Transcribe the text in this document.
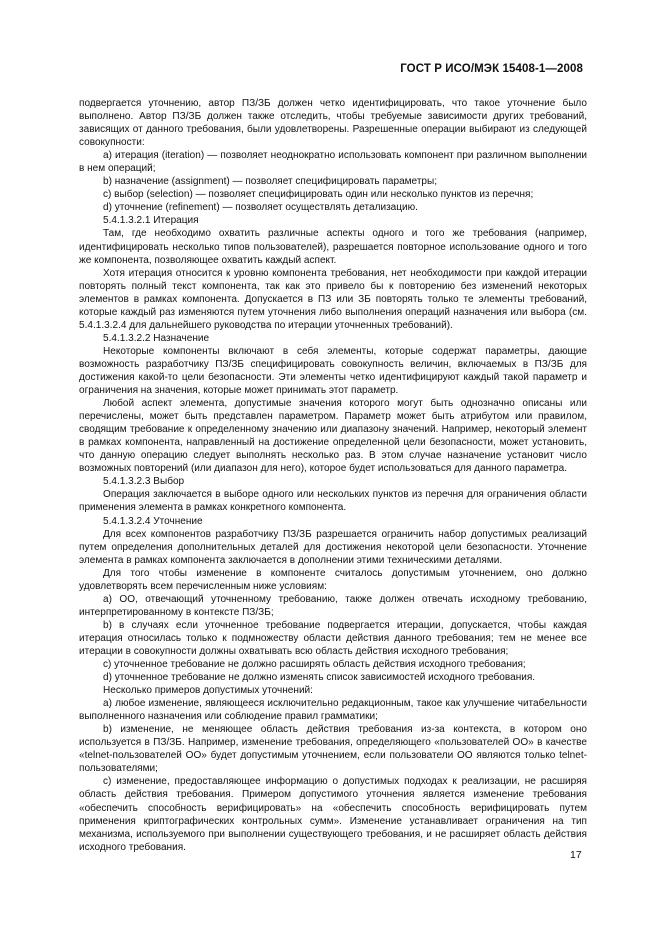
ГОСТ Р ИСО/МЭК 15408-1—2008

подвергается уточнению, автор ПЗ/ЗБ должен четко идентифицировать, что такое уточнение было выполнено. Автор ПЗ/ЗБ должен также отследить, чтобы требуемые зависимости других требований, зависящих от данного требования, были удовлетворены. Разрешенные операции выбирают из следующей совокупности:

а) итерация (iteration) — позволяет неоднократно использовать компонент при различном выполнении в нем операций;

b) назначение (assignment) — позволяет специфицировать параметры;

с) выбор (selection) — позволяет специфицировать один или несколько пунктов из перечня;

d) уточнение (refinement) — позволяет осуществлять детализацию.

5.4.1.3.2.1 Итерация

Там, где необходимо охватить различные аспекты одного и того же требования (например, идентифицировать несколько типов пользователей), разрешается повторное использование одного и того же компонента, позволяющее охватить каждый аспект.

Хотя итерация относится к уровню компонента требования, нет необходимости при каждой итерации повторять полный текст компонента, так как это привело бы к повторению без изменений некоторых элементов в рамках компонента. Допускается в ПЗ или ЗБ повторять только те элементы требований, которые каждый раз изменяются путем уточнения либо выполнения операций назначения или выбора (см. 5.4.1.3.2.4 для дальнейшего руководства по итерации уточненных требований).

5.4.1.3.2.2 Назначение

Некоторые компоненты включают в себя элементы, которые содержат параметры, дающие возможность разработчику ПЗ/ЗБ специфицировать совокупность величин, включаемых в ПЗ/ЗБ для достижения какой-то цели безопасности. Эти элементы четко идентифицируют каждый такой параметр и ограничения на значения, которые может принимать этот параметр.

Любой аспект элемента, допустимые значения которого могут быть однозначно описаны или перечислены, может быть представлен параметром. Параметр может быть атрибутом или правилом, сводящим требование к определенному значению или диапазону значений. Например, некоторый элемент в рамках компонента, направленный на достижение определенной цели безопасности, может установить, что данную операцию следует выполнять несколько раз. В этом случае назначение установит число возможных повторений (или диапазон для него), которое будет использоваться для данного параметра.

5.4.1.3.2.3 Выбор

Операция заключается в выборе одного или нескольких пунктов из перечня для ограничения области применения элемента в рамках конкретного компонента.

5.4.1.3.2.4 Уточнение

Для всех компонентов разработчику ПЗ/ЗБ разрешается ограничить набор допустимых реализаций путем определения дополнительных деталей для достижения некоторой цели безопасности. Уточнение элемента в рамках компонента заключается в дополнении этими техническими деталями.

Для того чтобы изменение в компоненте считалось допустимым уточнением, оно должно удовлетворять всем перечисленным ниже условиям:

а) ОО, отвечающий уточненному требованию, также должен отвечать исходному требованию, интерпретированному в контексте ПЗ/ЗБ;

b) в случаях если уточненное требование подвергается итерации, допускается, чтобы каждая итерация относилась только к подмножеству области действия данного требования; тем не менее все итерации в совокупности должны охватывать всю область действия исходного требования;

с) уточненное требование не должно расширять область действия исходного требования;

d) уточненное требование не должно изменять список зависимостей исходного требования.

Несколько примеров допустимых уточнений:

а) любое изменение, являющееся исключительно редакционным, такое как улучшение читабельности выполненного назначения или соблюдение правил грамматики;

b) изменение, не меняющее область действия требования из-за контекста, в котором оно используется в ПЗ/ЗБ. Например, изменение требования, определяющего «пользователей ОО» в качестве «telnet-пользователей ОО» будет допустимым уточнением, если пользователи ОО являются только telnet-пользователями;

с) изменение, предоставляющее информацию о допустимых подходах к реализации, не расширяя область действия требования. Примером допустимого уточнения является изменение требования «обеспечить способность верифицировать» на «обеспечить способность верифицировать путем применения криптографических контрольных сумм». Изменение устанавливает ограничения на тип механизма, используемого при выполнении существующего требования, и не расширяет область действия исходного требования.

17
